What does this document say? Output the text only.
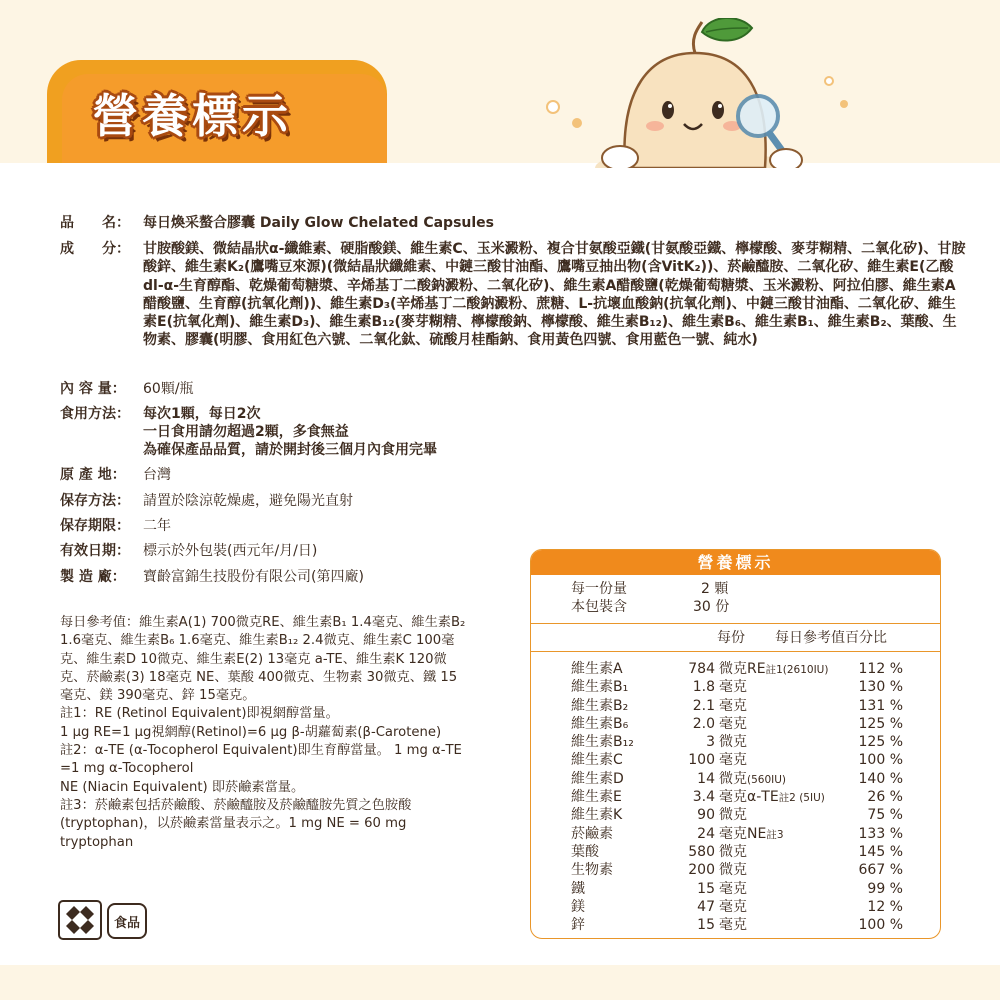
營養標示
品　　名： 每日煥采螯合膠囊 Daily Glow Chelated Capsules
成　　分： 甘胺酸鎂、微結晶狀α-纖維素、硬脂酸鎂、維生素C、玉米澱粉、複合甘氨酸亞鐵(甘氨酸亞鐵、檸檬酸、麥芽糊精、二氧化矽)、甘胺酸鋅、維生素K₂(鷹嘴豆來源)(微結晶狀纖維素、中鏈三酸甘油酯、鷹嘴豆抽出物(含VitK₂))、菸鹼醯胺、二氧化矽、維生素E(乙酸dl-α-生育醇酯、乾燥葡萄糖漿、辛烯基丁二酸鈉澱粉、二氧化矽)、維生素A醋酸鹽(乾燥葡萄糖漿、玉米澱粉、阿拉伯膠、維生素A醋酸鹽、生育醇(抗氧化劑))、維生素D₃(辛烯基丁二酸鈉澱粉、蔗糖、L-抗壞血酸鈉(抗氧化劑)、中鏈三酸甘油酯、二氧化矽、維生素E(抗氧化劑)、維生素D₃)、維生素B₁₂(麥芽糊精、檸檬酸鈉、檸檬酸、維生素B₁₂)、維生素B₆、維生素B₁、維生素B₂、葉酸、生物素、膠囊(明膠、食用紅色六號、二氧化鈦、硫酸月桂酯鈉、食用黃色四號、食用藍色一號、純水)
內 容 量： 60顆/瓶
食用方法： 每次1顆，每日2次
一日食用請勿超過2顆，多食無益
為確保產品品質，請於開封後三個月內食用完畢
原 產 地： 台灣
保存方法： 請置於陰涼乾燥處，避免陽光直射
保存期限： 二年
有效日期： 標示於外包裝(西元年/月/日)
製 造 廠： 寶齡富錦生技股份有限公司(第四廠)

每日參考值：維生素A(1) 700微克RE、維生素B₁ 1.4毫克、維生素B₂ 1.6毫克、維生素B₆ 1.6毫克、維生素B₁₂ 2.4微克、維生素C 100毫克、維生素D 10微克、維生素E(2) 13毫克 a-TE、維生素K 120微克、菸鹼素(3) 18毫克 NE、葉酸 400微克、生物素 30微克、鐵 15毫克、鎂 390毫克、鋅 15毫克。

註1：RE (Retinol Equivalent)即視網醇當量。

1 μg RE=1 μg視網醇(Retinol)=6 μg β-胡蘿蔔素(β-Carotene)

註2：α-TE (α-Tocopherol Equivalent)即生育醇當量。 1 mg α-TE =1 mg α-Tocopherol

NE (Niacin Equivalent) 即菸鹼素當量。

註3：菸鹼素包括菸鹼酸、菸鹼醯胺及菸鹼醯胺先質之色胺酸(tryptophan)，以菸鹼素當量表示之。1 mg NE = 60 mg tryptophan

食品
營養標示
每一份量	2 顆
本包裝含	30 份
每份 每日參考值百分比
維生素A
維生素B₁
維生素B₂
維生素B₆
維生素B₁₂
維生素C
維生素D
維生素E
維生素K
菸鹼素
葉酸
生物素
鐵
鎂
鋅
784
1.8
2.1
2.0
3
100
14
3.4
90
24
580
200
15
47
15
微克RE註1(2610IU)
毫克
毫克
毫克
微克
毫克
微克(560IU)
毫克α-TE註2 (5IU)
微克
毫克NE註3
微克
微克
毫克
毫克
毫克
112 %
130 %
131 %
125 %
125 %
100 %
140 %
26 %
75 %
133 %
145 %
667 %
99 %
12 %
100 %
